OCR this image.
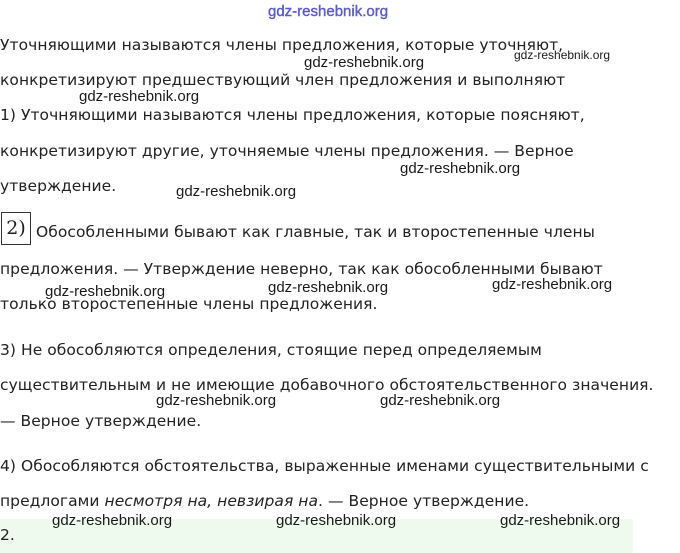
gdz-reshebnik.org
Уточняющими называются члены предложения, которые уточняют,
конкретизируют предшествующий член предложения и выполняют
1) Уточняющими называются члены предложения, которые поясняют,
конкретизируют другие, уточняемые члены предложения. — Верное
утверждение.
2) Обособленными бывают как главные, так и второстепенные члены
предложения. — Утверждение неверно, так как обособленными бывают
только второстепенные члены предложения.
3) Не обособляются определения, стоящие перед определяемым
существительным и не имеющие добавочного обстоятельственного значения.
— Верное утверждение.
4) Обособляются обстоятельства, выраженные именами существительными с
предлогами несмотря на, невзирая на. — Верное утверждение.
2.
gdz-reshebnik.org	gdz-reshebnik.org
gdz-reshebnik.org
gdz-reshebnik.org
gdz-reshebnik.org
gdz-reshebnik.org	gdz-reshebnik.org	gdz-reshebnik.org
gdz-reshebnik.org	gdz-reshebnik.org
gdz-reshebnik.org	gdz-reshebnik.org	gdz-reshebnik.org
